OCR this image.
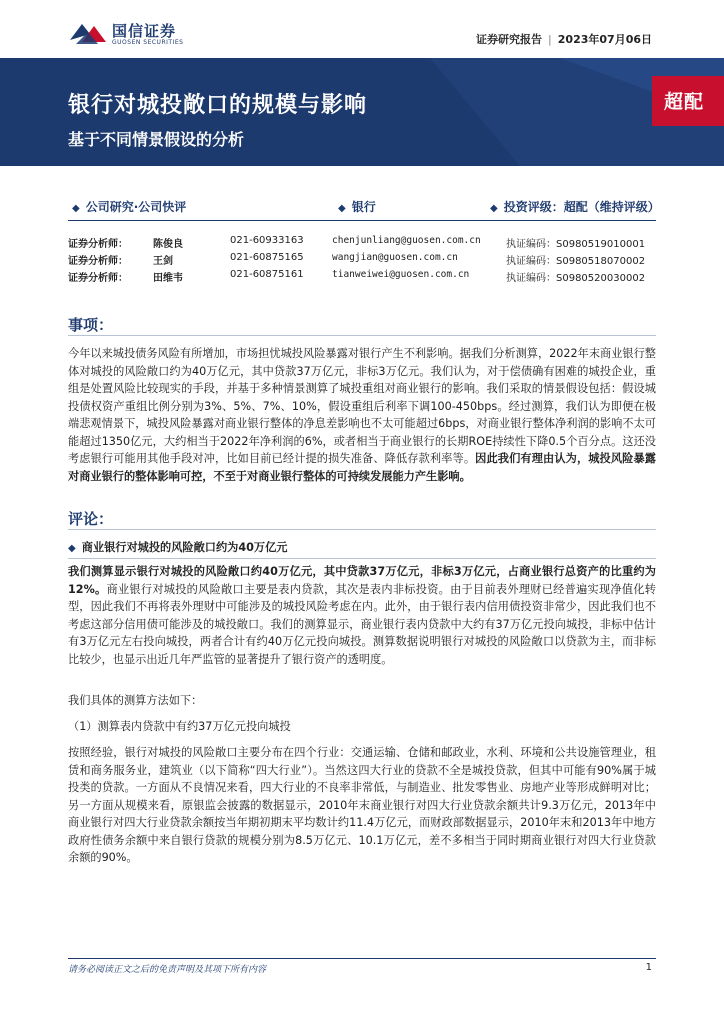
国信证券
GUOSEN SECURITIES	证券研究报告 | 2023年07月06日
银行对城投敞口的规模与影响
基于不同情景假设的分析
超配
◆ 公司研究·公司快评	◆ 银行	◆ 投资评级：超配（维持评级）
证券分析师：	陈俊良	021-60933163	chenjunliang@guosen.com.cn	执证编码：S0980519010001
证券分析师：	王剑	021-60875165	wangjian@guosen.com.cn	执证编码：S0980518070002
证券分析师：	田维韦	021-60875161	tianweiwei@guosen.com.cn	执证编码：S0980520030002
事项：
今年以来城投债务风险有所增加，市场担忧城投风险暴露对银行产生不利影响。据我们分析测算，2022年末商业银行整体对城投的风险敞口约为40万亿元，其中贷款37万亿元，非标3万亿元。我们认为，对于偿债确有困难的城投企业，重组是处置风险比较现实的手段，并基于多种情景测算了城投重组对商业银行的影响。我们采取的情景假设包括：假设城投债权资产重组比例分别为3%、5%、7%、10%，假设重组后利率下调100-450bps。经过测算，我们认为即便在极端悲观情景下，城投风险暴露对商业银行整体的净息差影响也不太可能超过6bps，对商业银行整体净利润的影响不太可能超过1350亿元，大约相当于2022年净利润的6%，或者相当于商业银行的长期ROE持续性下降0.5个百分点。这还没考虑银行可能用其他手段对冲，比如目前已经计提的损失准备、降低存款利率等。因此我们有理由认为，城投风险暴露对商业银行的整体影响可控，不至于对商业银行整体的可持续发展能力产生影响。
评论：
◆ 商业银行对城投的风险敞口约为40万亿元
我们测算显示银行对城投的风险敞口约40万亿元，其中贷款37万亿元，非标3万亿元，占商业银行总资产的比重约为12%。商业银行对城投的风险敞口主要是表内贷款，其次是表内非标投资。由于目前表外理财已经普遍实现净值化转型，因此我们不再将表外理财中可能涉及的城投风险考虑在内。此外，由于银行表内信用债投资非常少，因此我们也不考虑这部分信用债可能涉及的城投敞口。我们的测算显示，商业银行表内贷款中大约有37万亿元投向城投，非标中估计有3万亿元左右投向城投，两者合计有约40万亿元投向城投。测算数据说明银行对城投的风险敞口以贷款为主，而非标比较少，也显示出近几年严监管的显著提升了银行资产的透明度。
我们具体的测算方法如下：
（1）测算表内贷款中有约37万亿元投向城投
按照经验，银行对城投的风险敞口主要分布在四个行业：交通运输、仓储和邮政业，水利、环境和公共设施管理业，租赁和商务服务业，建筑业（以下简称“四大行业”）。当然这四大行业的贷款不全是城投贷款，但其中可能有90%属于城投类的贷款。一方面从不良情况来看，四大行业的不良率非常低，与制造业、批发零售业、房地产业等形成鲜明对比；另一方面从规模来看，原银监会披露的数据显示，2010年末商业银行对四大行业贷款余额共计9.3万亿元，2013年中商业银行对四大行业贷款余额按当年期初期末平均数计约11.4万亿元，而财政部数据显示，2010年末和2013年中地方政府性债务余额中来自银行贷款的规模分别为8.5万亿元、10.1万亿元，差不多相当于同时期商业银行对四大行业贷款余额的90%。
请务必阅读正文之后的免责声明及其项下所有内容	1
